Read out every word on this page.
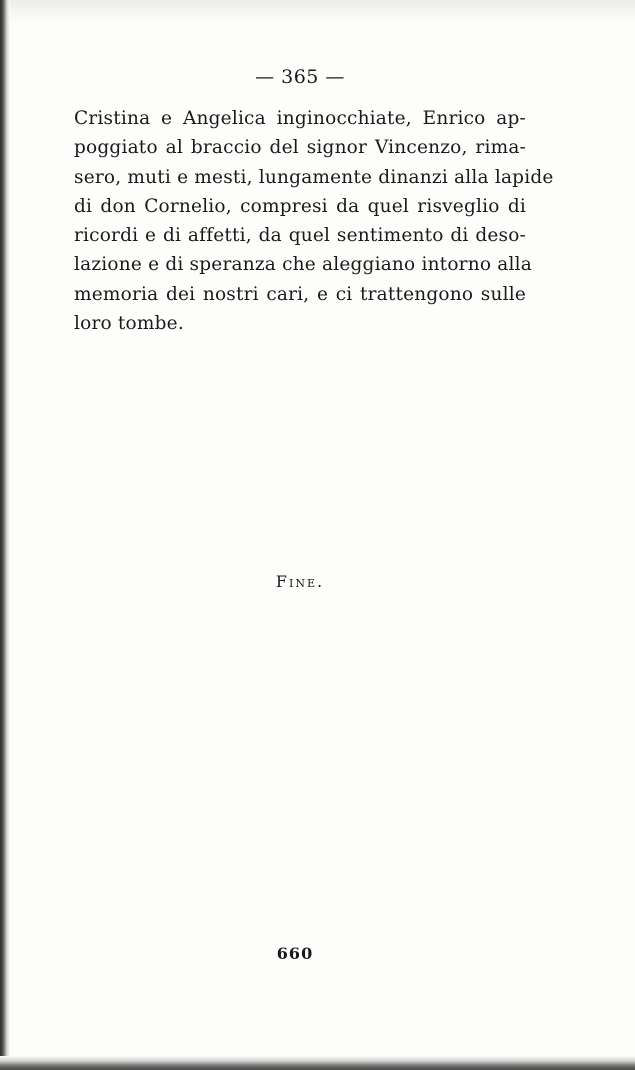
— 365 —
Cristina e Angelica inginocchiate, Enrico ap-
poggiato al braccio del signor Vincenzo, rima-
sero, muti e mesti, lungamente dinanzi alla lapide
di don Cornelio, compresi da quel risveglio di
ricordi e di affetti, da quel sentimento di deso-
lazione e di speranza che aleggiano intorno alla
memoria dei nostri cari, e ci trattengono sulle
loro tombe.
Fine.
660
